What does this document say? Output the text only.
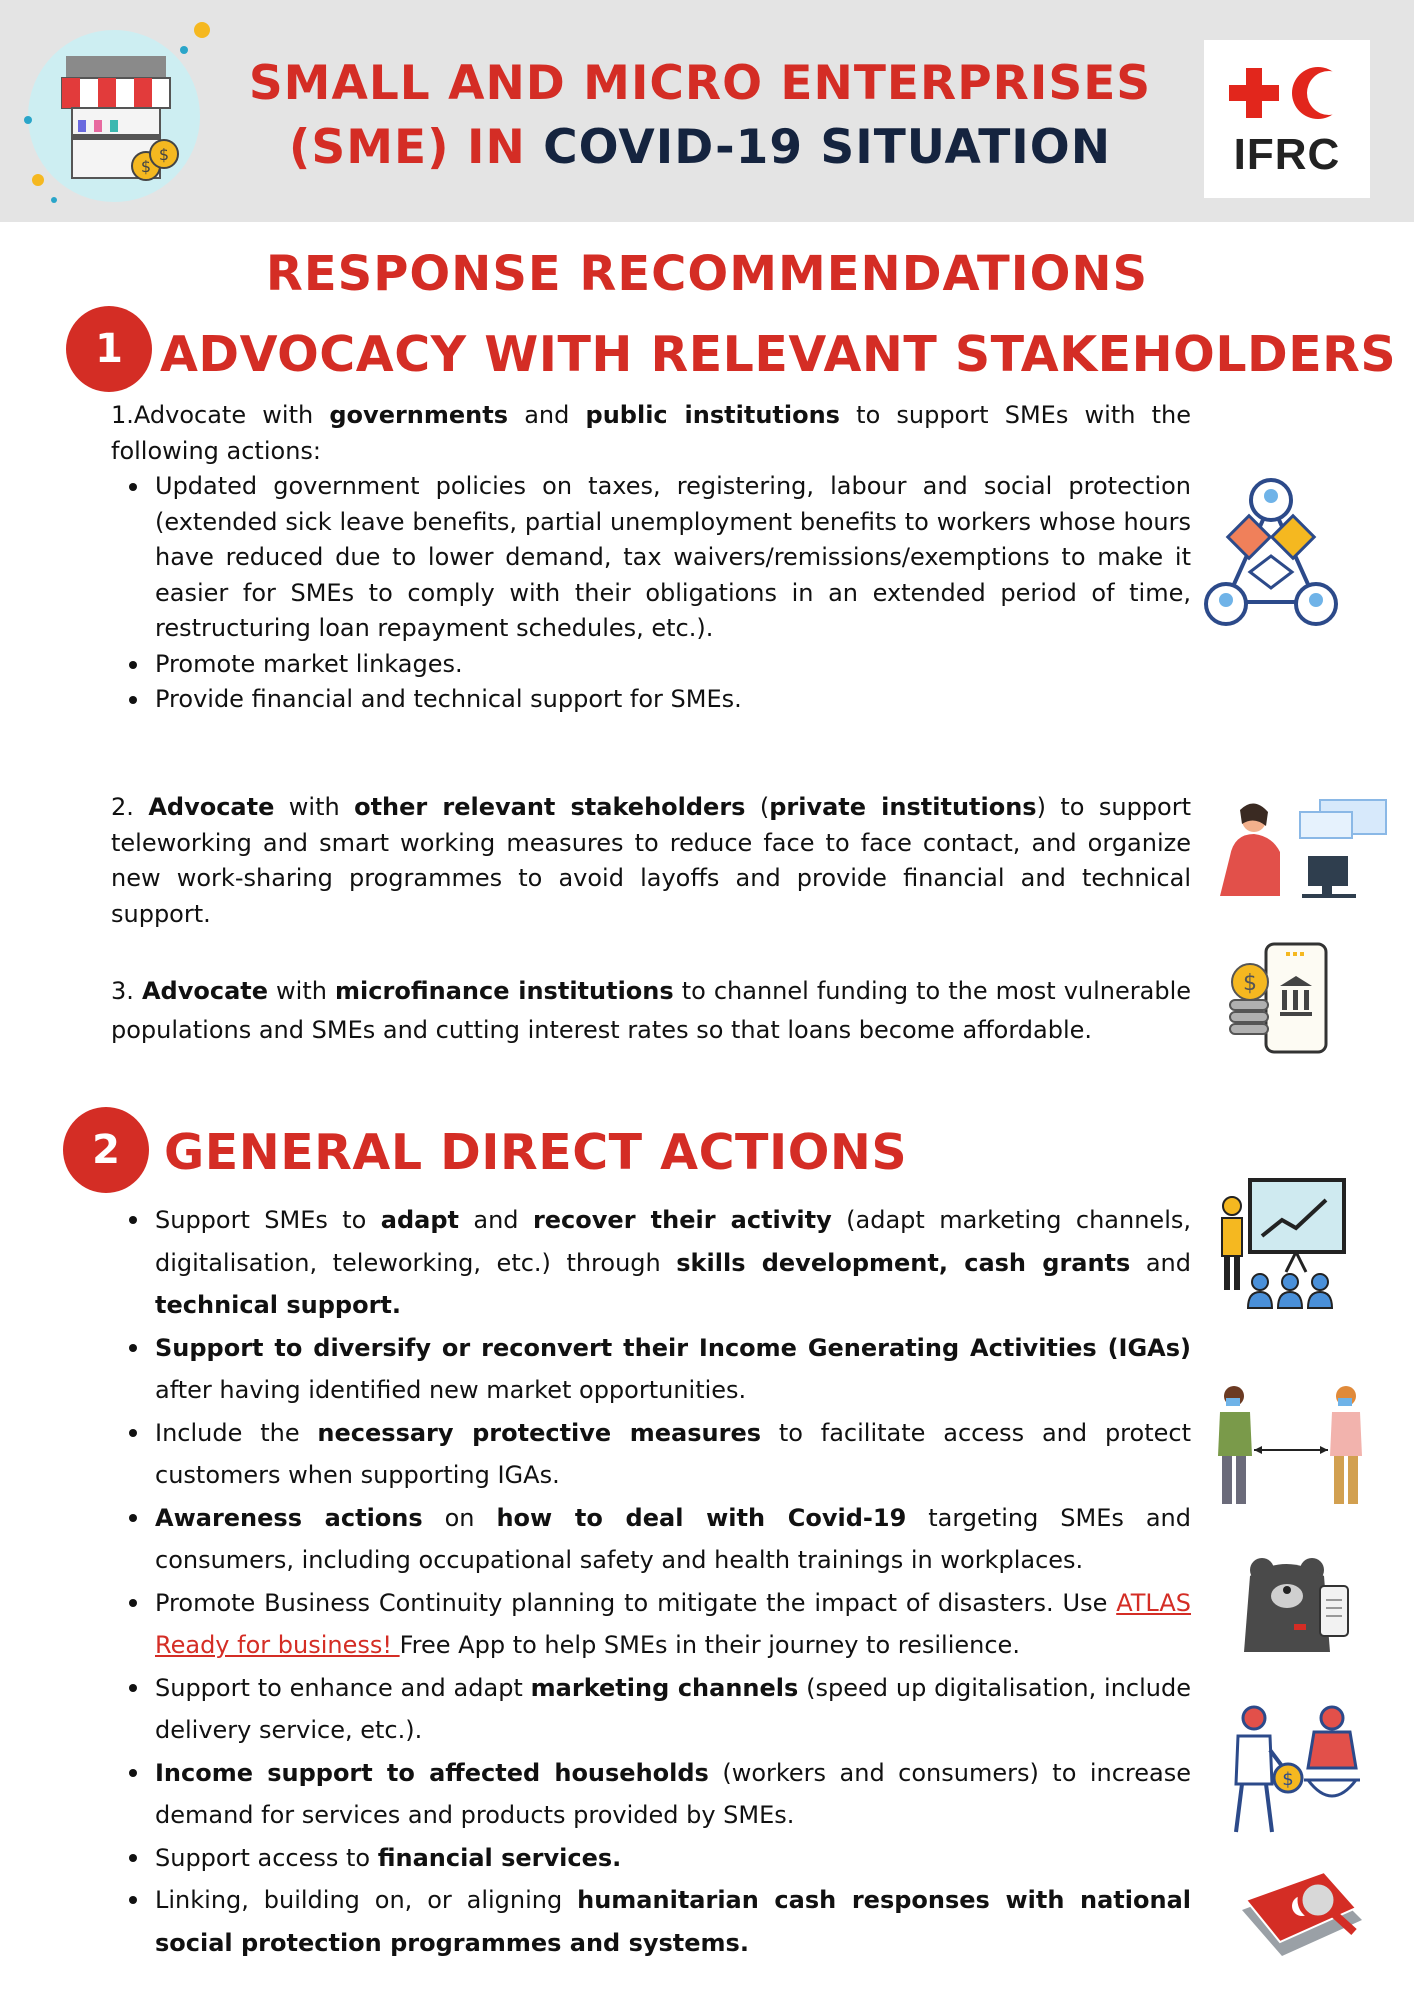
$
$
SMALL AND MICRO ENTERPRISES
(SME) IN COVID-19 SITUATION	IFRC
RESPONSE RECOMMENDATIONS
1 ADVOCACY WITH RELEVANT STAKEHOLDERS
1.Advocate with governments and public institutions to support SMEs with the following actions:
Updated government policies on taxes, registering, labour and social protection (extended sick leave benefits, partial unemployment benefits to workers whose hours have reduced due to lower demand, tax waivers/remissions/exemptions to make it easier for SMEs to comply with their obligations in an extended period of time, restructuring loan repayment schedules, etc.).
Promote market linkages.
Provide financial and technical support for SMEs.
2. Advocate with other relevant stakeholders (private institutions) to support teleworking and smart working measures to reduce face to face contact, and organize new work-sharing programmes to avoid layoffs and provide financial and technical support.
3. Advocate with microfinance institutions to channel funding to the most vulnerable populations and SMEs and cutting interest rates so that loans become affordable.
2 GENERAL DIRECT ACTIONS
Support SMEs to adapt and recover their activity (adapt marketing channels, digitalisation, teleworking, etc.) through skills development, cash grants and technical support.
Support to diversify or reconvert their Income Generating Activities (IGAs) after having identified new market opportunities.
Include the necessary protective measures to facilitate access and protect customers when supporting IGAs.
Awareness actions on how to deal with Covid-19 targeting SMEs and consumers, including occupational safety and health trainings in workplaces.
Promote Business Continuity planning to mitigate the impact of disasters. Use ATLAS Ready for business! Free App to help SMEs in their journey to resilience.
Support to enhance and adapt marketing channels (speed up digitalisation, include delivery service, etc.).
Income support to affected households (workers and consumers) to increase demand for services and products provided by SMEs.
Support access to financial services.
Linking, building on, or aligning humanitarian cash responses with national social protection programmes and systems.
$
$
